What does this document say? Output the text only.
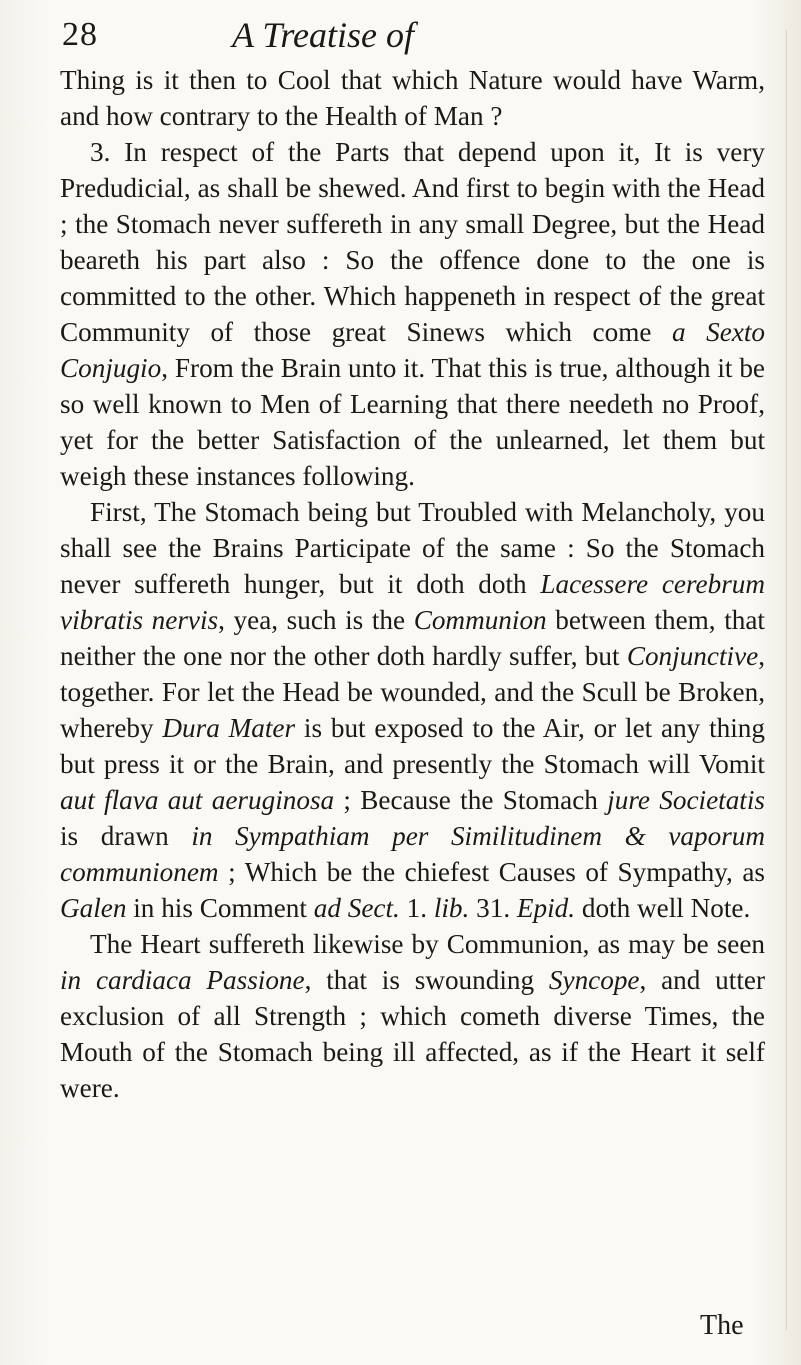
28	A Treatise of

Thing is it then to Cool that which Nature would have Warm, and how contrary to the Health of Man ?

3. In respect of the Parts that depend upon it, It is very Predudicial, as shall be shewed. And first to begin with the Head ; the Stomach never suffereth in any small Degree, but the Head beareth his part also : So the offence done to the one is committed to the other. Which happeneth in respect of the great Community of those great Sinews which come a Sexto Conjugio, From the Brain unto it. That this is true, although it be so well known to Men of Learning that there needeth no Proof, yet for the better Satisfaction of the unlearned, let them but weigh these instances following.

First, The Stomach being but Troubled with Melancholy, you shall see the Brains Participate of the same : So the Stomach never suffereth hunger, but it doth doth Lacessere cerebrum vibratis nervis, yea, such is the Communion between them, that neither the one nor the other doth hardly suffer, but Conjunctive, together. For let the Head be wounded, and the Scull be Broken, whereby Dura Mater is but exposed to the Air, or let any thing but press it or the Brain, and presently the Stomach will Vomit aut flava aut aeruginosa ; Because the Stomach jure Societatis is drawn in Sympathiam per Similitudinem & vaporum communionem ; Which be the chiefest Causes of Sympathy, as Galen in his Comment ad Sect. 1. lib. 31. Epid. doth well Note.

The Heart suffereth likewise by Communion, as may be seen in cardiaca Passione, that is swounding Syncope, and utter exclusion of all Strength ; which cometh diverse Times, the Mouth of the Stomach being ill affected, as if the Heart it self were.

The
